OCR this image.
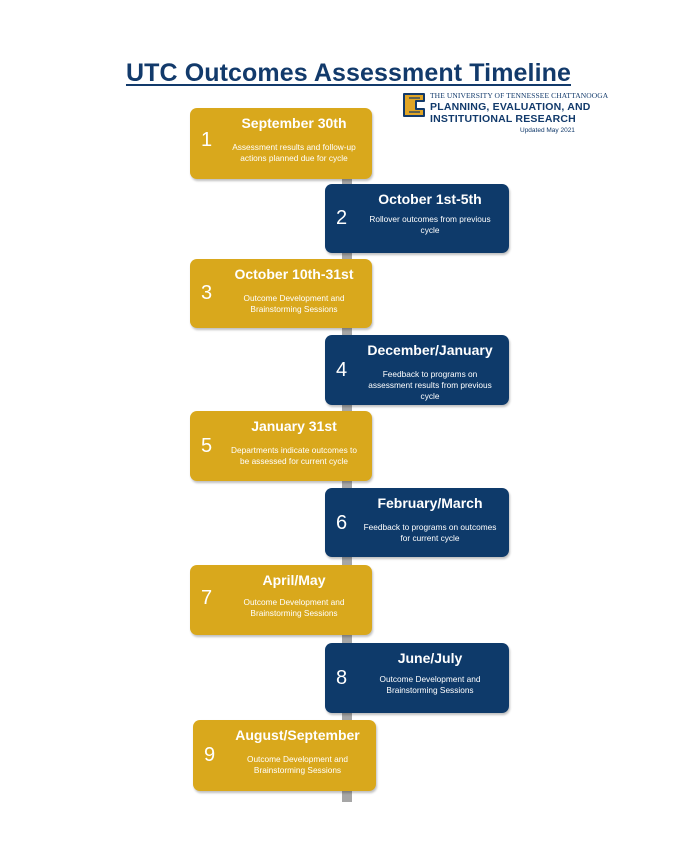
UTC Outcomes Assessment Timeline
THE UNIVERSITY OF TENNESSEE CHATTANOOGA
PLANNING, EVALUATION, AND
INSTITUTIONAL RESEARCH
Updated May 2021
1
September 30th
Assessment results and follow-up actions planned due for cycle
2
October 1st-5th
Rollover outcomes from previous cycle
3
October 10th-31st
Outcome Development and Brainstorming Sessions
4
December/January
Feedback to programs on assessment results from previous cycle
5
January 31st
Departments indicate outcomes to be assessed for current cycle
6
February/March
Feedback to programs on outcomes for current cycle
7
April/May
Outcome Development and Brainstorming Sessions
8
June/July
Outcome Development and Brainstorming Sessions
9
August/September
Outcome Development and Brainstorming Sessions
